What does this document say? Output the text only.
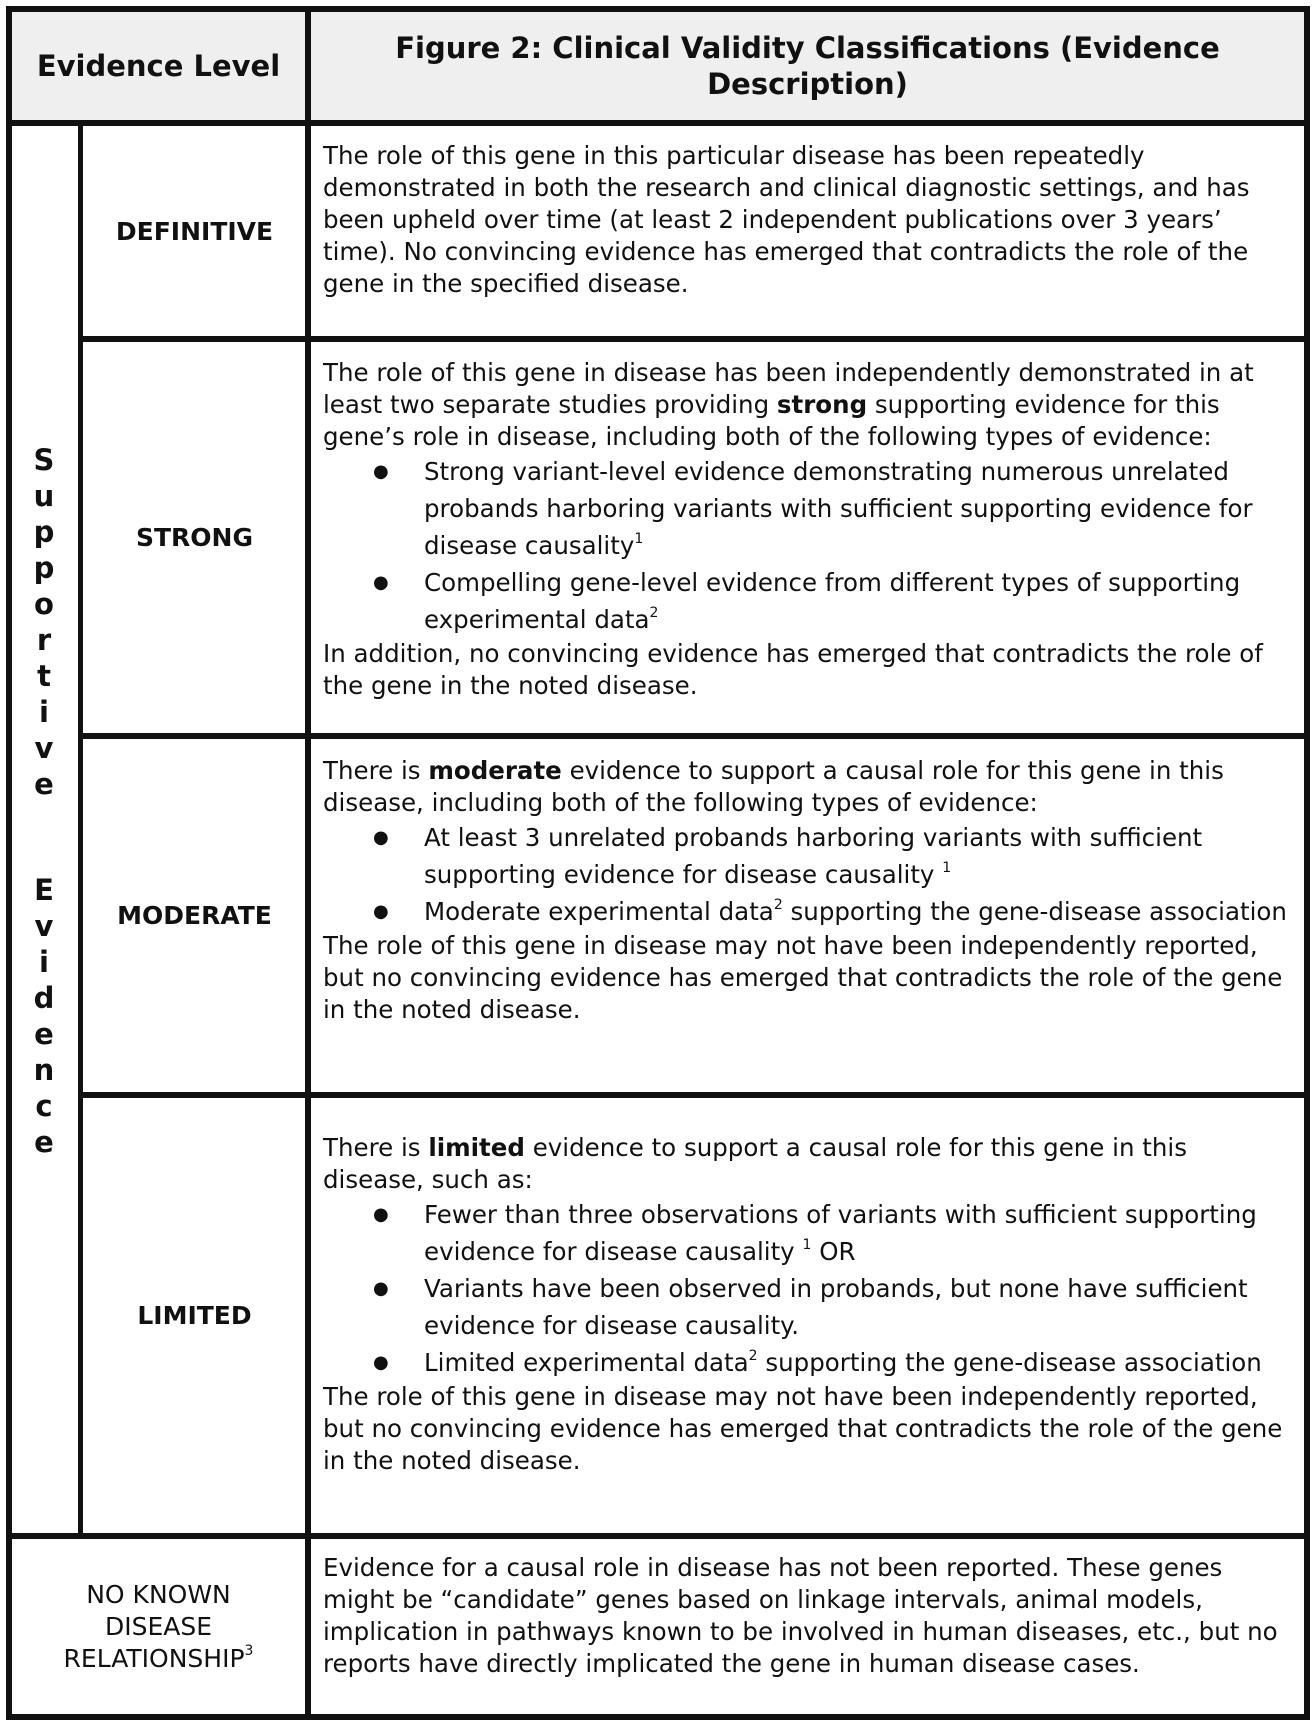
Evidence Level
Figure 2: Clinical Validity Classifications (Evidence Description)
S
u
p
p
o
r
t
i
v
e
E
v
i
d
e
n
c
e
DEFINITIVE
STRONG
MODERATE
LIMITED
NO KNOWN DISEASE RELATIONSHIP$^3$

The role of this gene in this particular disease has been repeatedly demonstrated in both the research and clinical diagnostic settings, and has been upheld over time (at least 2 independent publications over 3 years’ time). No convincing evidence has emerged that contradicts the role of the gene in the specified disease.

The role of this gene in disease has been independently demonstrated in at least two separate studies providing strong supporting evidence for this gene’s role in disease, including both of the following types of evidence:

● Strong variant-level evidence demonstrating numerous unrelated probands harboring variants with sufficient supporting evidence for disease causality$^1$
● Compelling gene-level evidence from different types of supporting experimental data$^2$

In addition, no convincing evidence has emerged that contradicts the role of the gene in the noted disease.

There is moderate evidence to support a causal role for this gene in this disease, including both of the following types of evidence:

● At least 3 unrelated probands harboring variants with sufficient supporting evidence for disease causality $^1$
● Moderate experimental data$^2$ supporting the gene-disease association

The role of this gene in disease may not have been independently reported, but no convincing evidence has emerged that contradicts the role of the gene in the noted disease.

There is limited evidence to support a causal role for this gene in this disease, such as:

● Fewer than three observations of variants with sufficient supporting evidence for disease causality $^1$ OR
● Variants have been observed in probands, but none have sufficient evidence for disease causality.
● Limited experimental data$^2$ supporting the gene-disease association

The role of this gene in disease may not have been independently reported, but no convincing evidence has emerged that contradicts the role of the gene in the noted disease.

Evidence for a causal role in disease has not been reported. These genes might be “candidate” genes based on linkage intervals, animal models, implication in pathways known to be involved in human diseases, etc., but no reports have directly implicated the gene in human disease cases.
